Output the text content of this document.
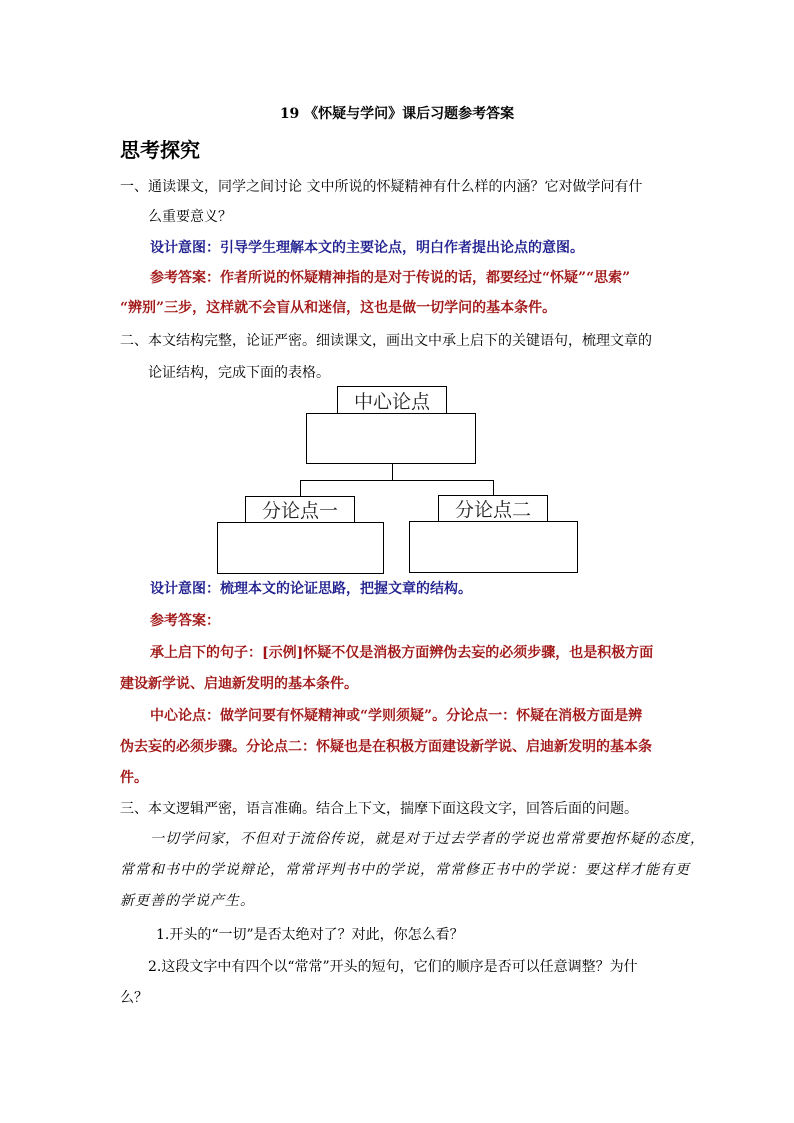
19 《怀疑与学问》课后习题参考答案
思考探究
一、通读课文，同学之间讨论 文中所说的怀疑精神有什么样的内涵？它对做学问有什
么重要意义？
设计意图：引导学生理解本文的主要论点，明白作者提出论点的意图。
参考答案：作者所说的怀疑精神指的是对于传说的话，都要经过“怀疑”“思索”
“辨别”三步，这样就不会盲从和迷信，这也是做一切学问的基本条件。
二、本文结构完整，论证严密。细读课文，画出文中承上启下的关键语句，梳理文章的
论证结构，完成下面的表格。
中心论点
分论点一	分论点二
设计意图：梳理本文的论证思路，把握文章的结构。
参考答案：
承上启下的句子：[示例]怀疑不仅是消极方面辨伪去妄的必须步骤，也是积极方面
建设新学说、启迪新发明的基本条件。
中心论点：做学问要有怀疑精神或“学则须疑”。分论点一：怀疑在消极方面是辨
伪去妄的必须步骤。分论点二：怀疑也是在积极方面建设新学说、启迪新发明的基本条
件。
三、本文逻辑严密，语言准确。结合上下文，揣摩下面这段文字，回答后面的问题。
一切学问家，不但对于流俗传说，就是对于过去学者的学说也常常要抱怀疑的态度，
常常和书中的学说辩论，常常评判书中的学说，常常修正书中的学说：要这样才能有更
新更善的学说产生。
1.开头的“一切”是否太绝对了？对此，你怎么看？
2.这段文字中有四个以“常常”开头的短句，它们的顺序是否可以任意调整？为什
么？
